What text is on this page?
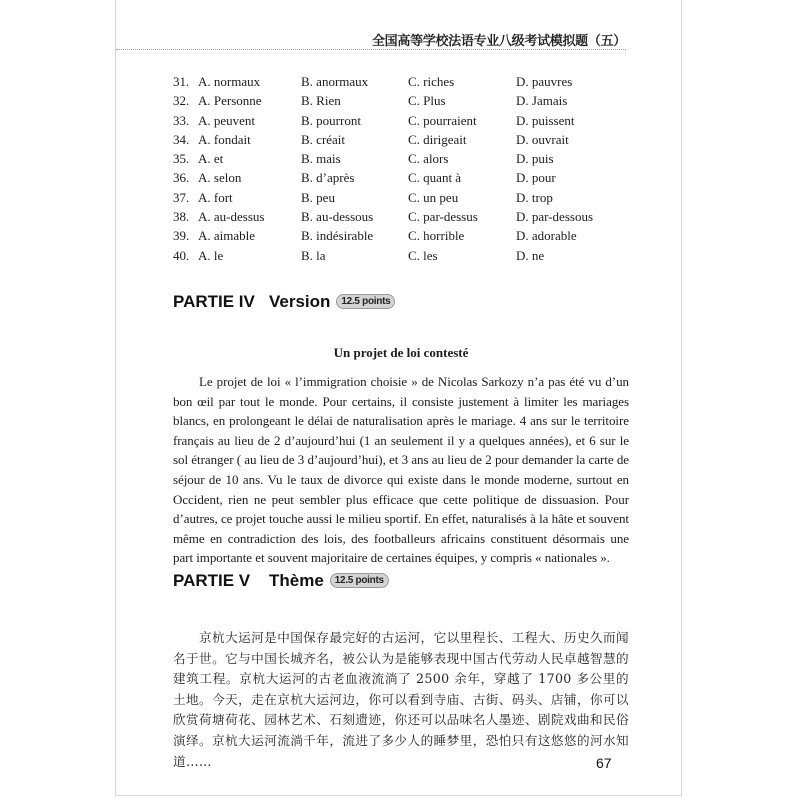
全国高等学校法语专业八级考试模拟题（五）
31. A. normaux	B. anormaux	C. riches	D. pauvres
32. A. Personne	B. Rien	C. Plus	D. Jamais
33. A. peuvent	B. pourront	C. pourraient	D. puissent
34. A. fondait	B. créait	C. dirigeait	D. ouvrait
35. A. et	B. mais	C. alors	D. puis
36. A. selon	B. d’après	C. quant à	D. pour
37. A. fort	B. peu	C. un peu	D. trop
38. A. au-dessus	B. au-dessous	C. par-dessus	D. par-dessous
39. A. aimable	B. indésirable	C. horrible	D. adorable
40. A. le	B. la	C. les	D. ne
PARTIE IV Version 12.5 points
Un projet de loi contesté

Le projet de loi « l’immigration choisie » de Nicolas Sarkozy n’a pas été vu d’un bon œil par tout le monde. Pour certains, il consiste justement à limiter les mariages blancs, en prolongeant le délai de naturalisation après le mariage. 4 ans sur le territoire français au lieu de 2 d’aujourd’hui (1 an seulement il y a quelques années), et 6 sur le sol étranger ( au lieu de 3 d’aujourd’hui), et 3 ans au lieu de 2 pour demander la carte de séjour de 10 ans. Vu le taux de divorce qui existe dans le monde moderne, surtout en Occident, rien ne peut sembler plus efficace que cette politique de dissuasion. Pour d’autres, ce projet touche aussi le milieu sportif. En effet, naturalisés à la hâte et souvent même en contradiction des lois, des footballeurs africains constituent désormais une part importante et souvent majoritaire de certaines équipes, y compris « nationales ».

PARTIE V Thème 12.5 points

京杭大运河是中国保存最完好的古运河，它以里程长、工程大、历史久而闻名于世。它与中国长城齐名，被公认为是能够表现中国古代劳动人民卓越智慧的建筑工程。京杭大运河的古老血液流淌了 2500 余年，穿越了 1700 多公里的土地。今天，走在京杭大运河边，你可以看到寺庙、古街、码头、店铺，你可以欣赏荷塘荷花、园林艺术、石刻遗迹，你还可以品味名人墨迹、剧院戏曲和民俗演绎。京杭大运河流淌千年，流进了多少人的睡梦里，恐怕只有这悠悠的河水知道……	67
